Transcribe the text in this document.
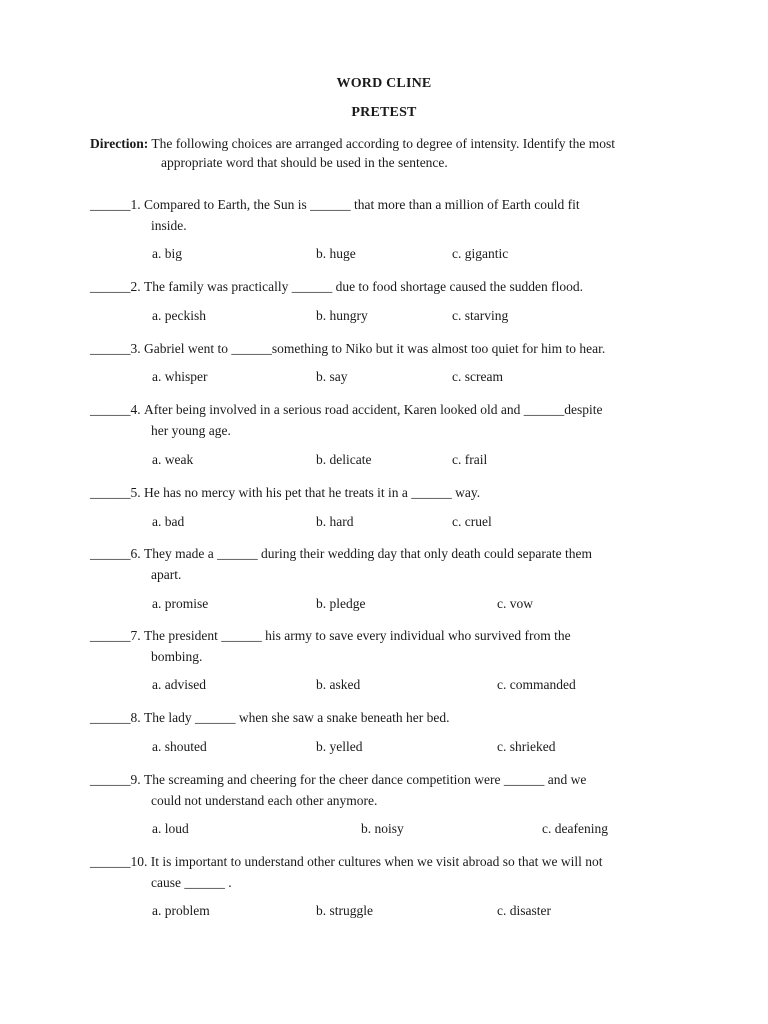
WORD CLINE
PRETEST
Direction: The following choices are arranged according to degree of intensity. Identify the most
appropriate word that should be used in the sentence.
______1. Compared to Earth, the Sun is ______ that more than a million of Earth could fit
inside.
a. big	b. huge	c. gigantic
______2. The family was practically ______ due to food shortage caused the sudden flood.
a. peckish	b. hungry	c. starving
______3. Gabriel went to ______something to Niko but it was almost too quiet for him to hear.
a. whisper	b. say	c. scream
______4. After being involved in a serious road accident, Karen looked old and ______despite
her young age.
a. weak	b. delicate	c. frail
______5. He has no mercy with his pet that he treats it in a ______ way.
a. bad	b. hard	c. cruel
______6. They made a ______ during their wedding day that only death could separate them
apart.
a. promise	b. pledge	c. vow
______7. The president ______ his army to save every individual who survived from the
bombing.
a. advised	b. asked	c. commanded
______8. The lady ______ when she saw a snake beneath her bed.
a. shouted	b. yelled	c. shrieked
______9. The screaming and cheering for the cheer dance competition were ______ and we
could not understand each other anymore.
a. loud	b. noisy	c. deafening
______10. It is important to understand other cultures when we visit abroad so that we will not
cause ______ .
a. problem	b. struggle	c. disaster
